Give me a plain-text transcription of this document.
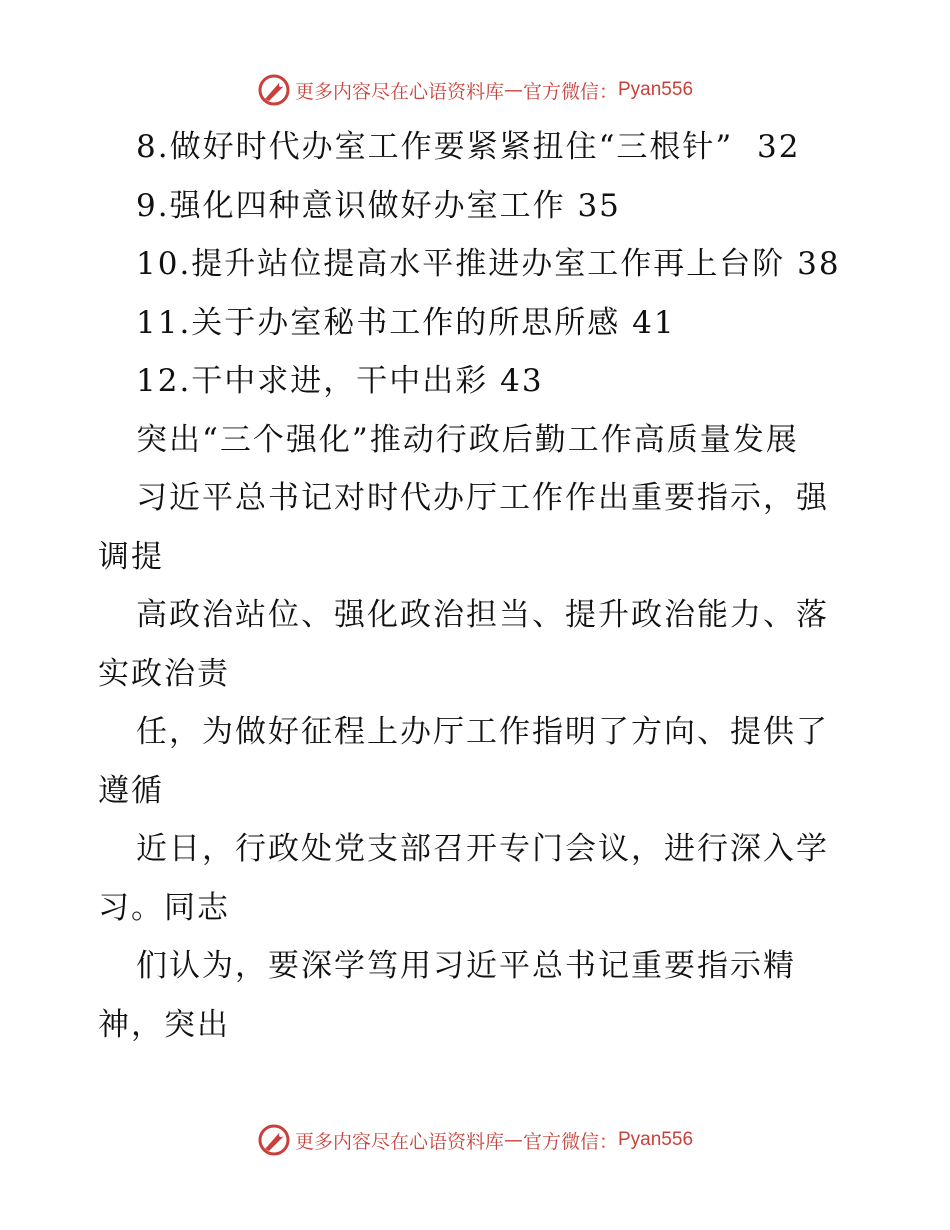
更多内容尽在心语资料库 — 官方微信： Pyan556
8.做好时代办室工作要紧紧扭住“三根针” 32
9.强化四种意识做好办室工作 35
10.提升站位提高水平推进办室工作再上台阶 38
11.关于办室秘书工作的所思所感 41
12.干中求进，干中出彩 43
突出“三个强化”推动行政后勤工作高质量发展
习近平总书记对时代办厅工作作出重要指示，强
调提
高政治站位、强化政治担当、提升政治能力、落
实政治责
任，为做好征程上办厅工作指明了方向、提供了
遵循
近日，行政处党支部召开专门会议，进行深入学
习。同志
们认为，要深学笃用习近平总书记重要指示精
神，突出
更多内容尽在心语资料库 — 官方微信： Pyan556
